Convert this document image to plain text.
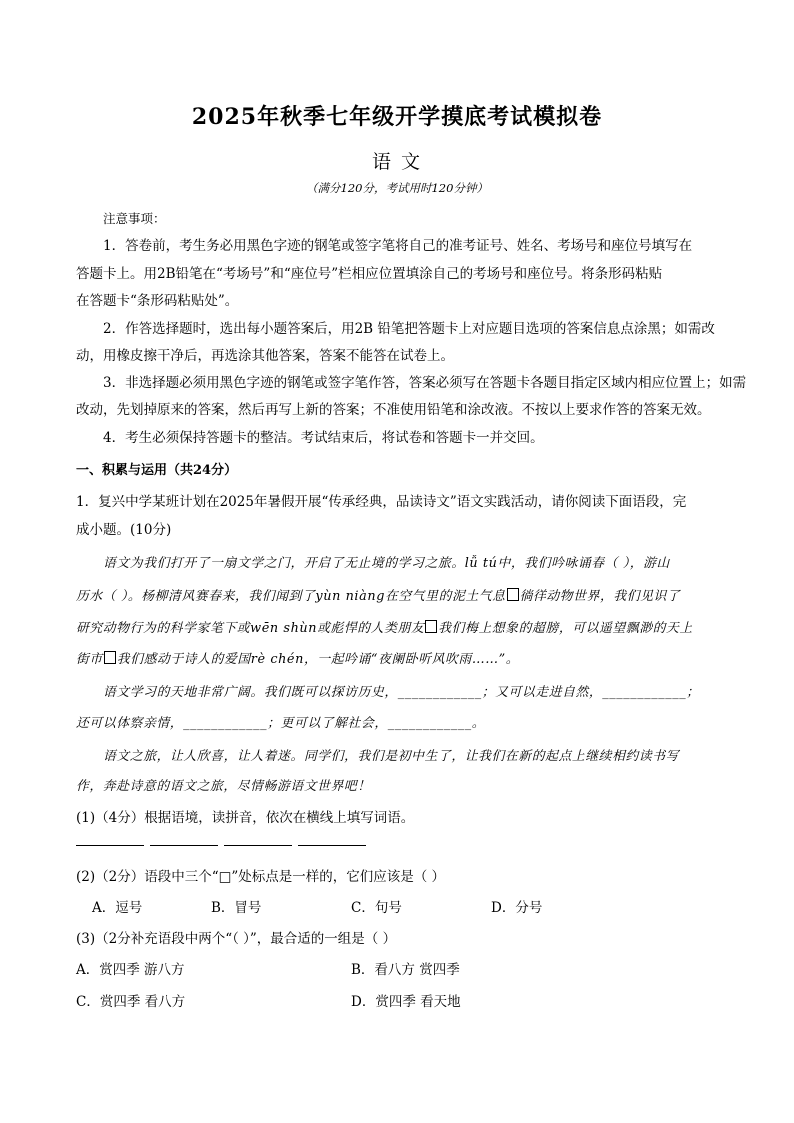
2025年秋季七年级开学摸底考试模拟卷
语 文
（满分120分，考试用时120分钟）
注意事项：
1．答卷前，考生务必用黑色字迹的钢笔或签字笔将自己的准考证号、姓名、考场号和座位号填写在
答题卡上。用2B铅笔在“考场号”和“座位号”栏相应位置填涂自己的考场号和座位号。将条形码粘贴
在答题卡“条形码粘贴处”。
2．作答选择题时，选出每小题答案后，用2B 铅笔把答题卡上对应题目选项的答案信息点涂黑；如需改
动，用橡皮擦干净后，再选涂其他答案，答案不能答在试卷上。
3．非选择题必须用黑色字迹的钢笔或签字笔作答，答案必须写在答题卡各题目指定区域内相应位置上；如需
改动，先划掉原来的答案，然后再写上新的答案；不准使用铅笔和涂改液。不按以上要求作答的答案无效。
4．考生必须保持答题卡的整洁。考试结束后，将试卷和答题卡一并交回。
一、积累与运用（共24分）
1．复兴中学某班计划在2025年暑假开展“传承经典，品读诗文”语文实践活动，请你阅读下面语段，完
成小题。(10分)
语文为我们打开了一扇文学之门，开启了无止境的学习之旅。lǚ tú中，我们吟咏诵春（ ），游山
历水（ ）。杨柳清风赛春来，我们闻到了yùn niàng在空气里的泥土气息 徜徉动物世界，我们见识了
研究动物行为的科学家笔下或wēn shùn或彪悍的人类朋友 我们梅上想象的超膀，可以遥望飘渺的天上
街市 我们感动于诗人的爱国rè chén，一起吟诵“夜阑卧听风吹雨……”。
语文学习的天地非常广阔。我们既可以探访历史，____________；又可以走进自然，____________；
还可以体察亲情，____________；更可以了解社会，____________。
语文之旅，让人欣喜，让人着迷。同学们，我们是初中生了，让我们在新的起点上继续相约读书写
作，奔赴诗意的语文之旅，尽情畅游语文世界吧！
(1)（4分）根据语境，读拼音，依次在横线上填写词语。
(2)（2分）语段中三个“□”处标点是一样的，它们应该是（ ）
A．逗号	B．冒号	C．句号	D．分号
(3)（2分补充语段中两个“（ ）”，最合适的一组是（ ）
A．赏四季 游八方	B．看八方 赏四季
C．赏四季 看八方	D．赏四季 看天地
